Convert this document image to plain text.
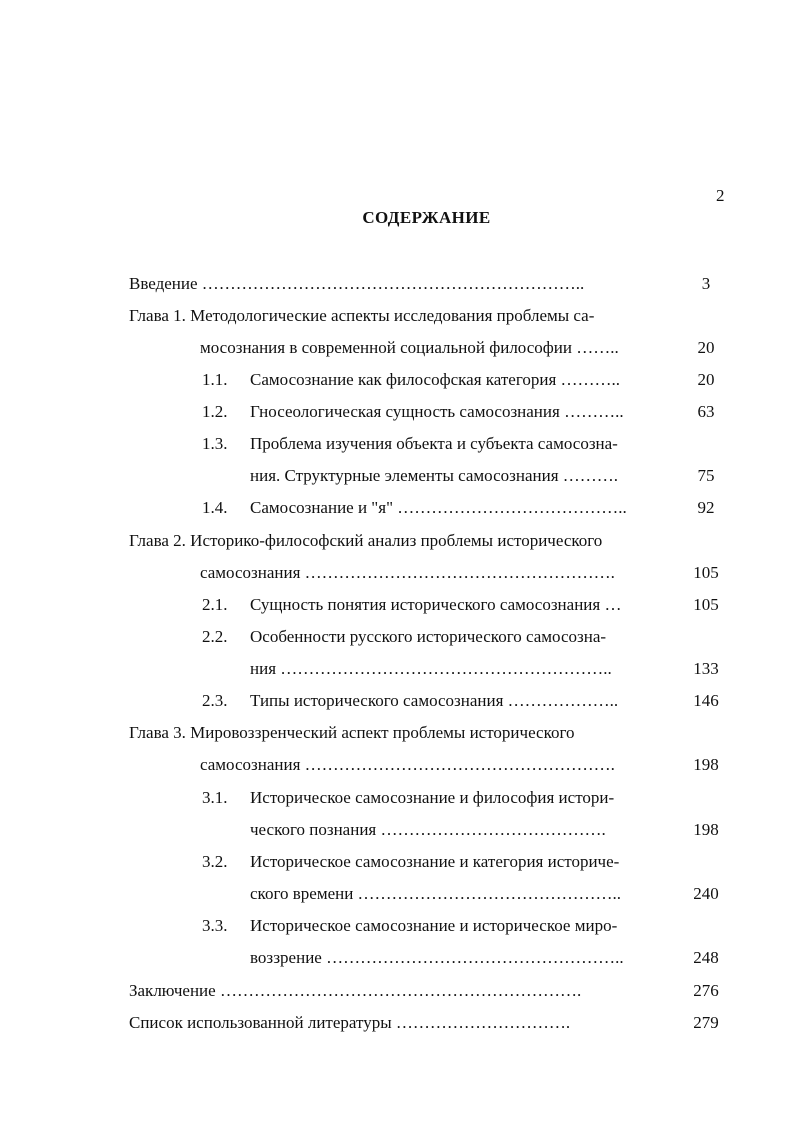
2
СОДЕРЖАНИЕ
Введение …………………………………………………………..	3
Глава 1. Методологические аспекты исследования проблемы са-
мосознания в современной социальной философии ……..	20
1.1. Самосознание как философская категория ………..	20
1.2. Гносеологическая сущность самосознания ………..	63
1.3. Проблема изучения объекта и субъекта самосозна-
ния. Структурные элементы самосознания ……….	75
1.4. Самосознание и "я" …………………………………..	92
Глава 2. Историко-философский анализ проблемы исторического
самосознания ……………………………………………….	105
2.1. Сущность понятия исторического самосознания …	105
2.2. Особенности русского исторического самосозна-
ния …………………………………………………..	133
2.3. Типы исторического самосознания ………………..	146
Глава 3. Мировоззренческий аспект проблемы исторического
самосознания ……………………………………………….	198
3.1. Историческое самосознание и философия истори-
ческого познания ………………………………….	198
3.2.Историческое самосознание и категория историче-
ского времени ………………………………………..	240
3.3. Историческое самосознание и историческое миро-
воззрение ……………………………………………..	248
Заключение ……………………………………………………….	276
Список использованной литературы ………………………….	279
